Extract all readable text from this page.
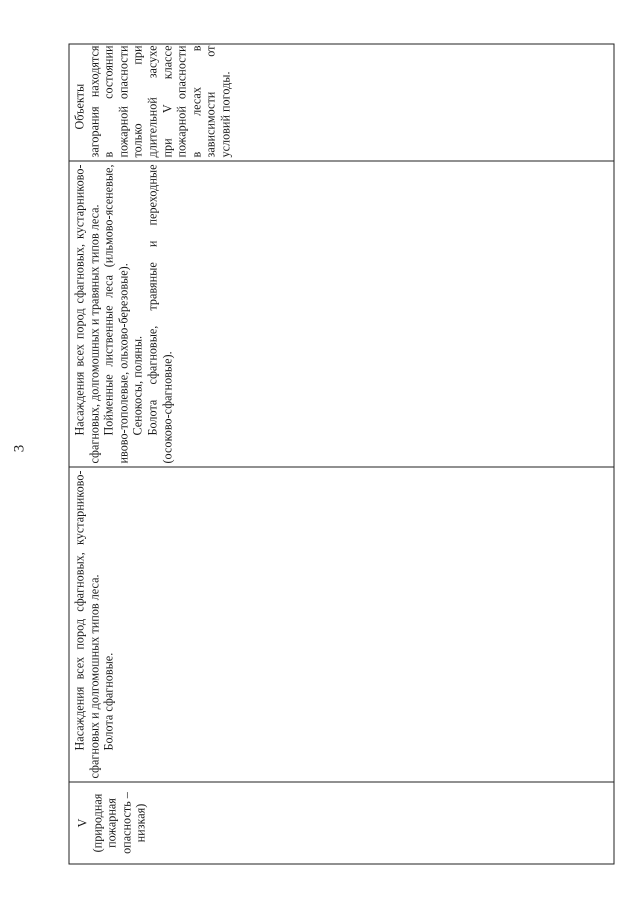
3
V (природная пожарная опасность – низкая)

Насаждения всех пород сфагновых, кустарниково-сфагновых и долгомошных типов леса. Болота сфагновые.

Насаждения всех пород сфагновых, кустарниково-сфагновых, долгомошных и травяных типов леса. Пойменные лиственные леса (ильмово-ясеневые, ивово-тополевые, ольхово-березовые). Сенокосы, поляны. Болота сфагновые, травяные и переходные (осоково-сфагновые).

Объекты загорания находятся в состоянии пожарной опасности только при длительной засухе при V классе пожарной опасности в лесах в зависимости от условий погоды.
